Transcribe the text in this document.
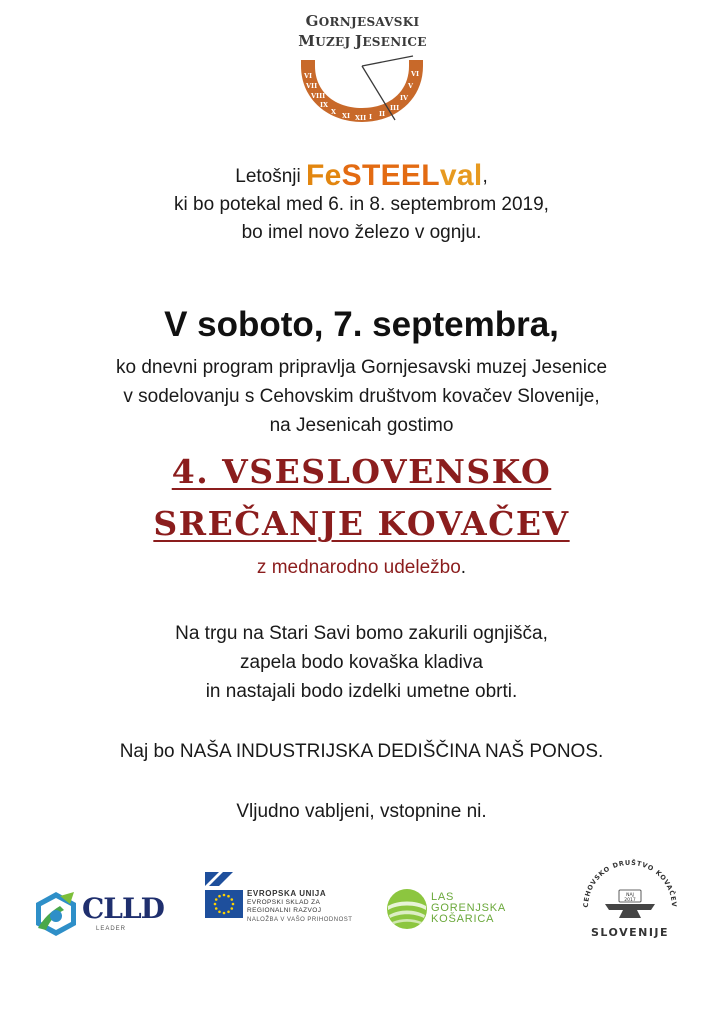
GORNJESAVSKI
MUZEJ JESENICE
VI
VII
VIII
IX
X XI XII I II
III
IV
V
VI
Letošnji FeSTEELval,
ki bo potekal med 6. in 8. septembrom 2019,
bo imel novo železo v ognju.
V soboto, 7. septembra,
ko dnevni program pripravlja Gornjesavski muzej Jesenice
v sodelovanju s Cehovskim društvom kovačev Slovenije,
na Jesenicah gostimo
4. VSESLOVENSKO
SREČANJE KOVAČEV
z mednarodno udeležbo.
Na trgu na Stari Savi bomo zakurili ognjišča,
zapela bodo kovaška kladiva
in nastajali bodo izdelki umetne obrti.
Naj bo NAŠA INDUSTRIJSKA DEDIŠČINA NAŠ PONOS.
Vljudno vabljeni, vstopnine ni.
CLLD
LEADER
EVROPSKA UNIJA
EVROPSKI SKLAD ZA
REGIONALNI RAZVOJ
NALOŽBA V VAŠO PRIHODNOST
LAS
GORENJSKA
KOŠARICA
CEHOVSKO DRUŠTVO KOVAČEV
NAJ
2017
SLOVENIJE
